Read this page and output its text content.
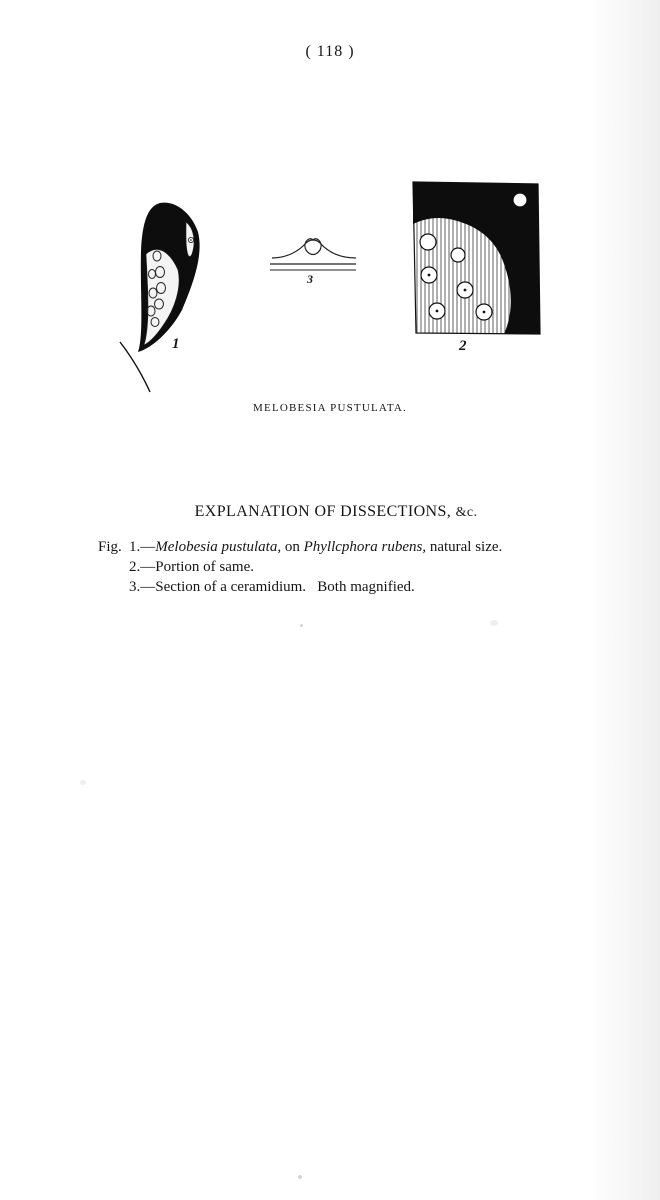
( 118 )
1
3
2
MELOBESIA PUSTULATA.
EXPLANATION OF DISSECTIONS, &c.
Fig. 1.—Melobesia pustulata, on Phyllcphora rubens, natural size.
2.—Portion of same.
3.—Section of a ceramidium.   Both magnified.
